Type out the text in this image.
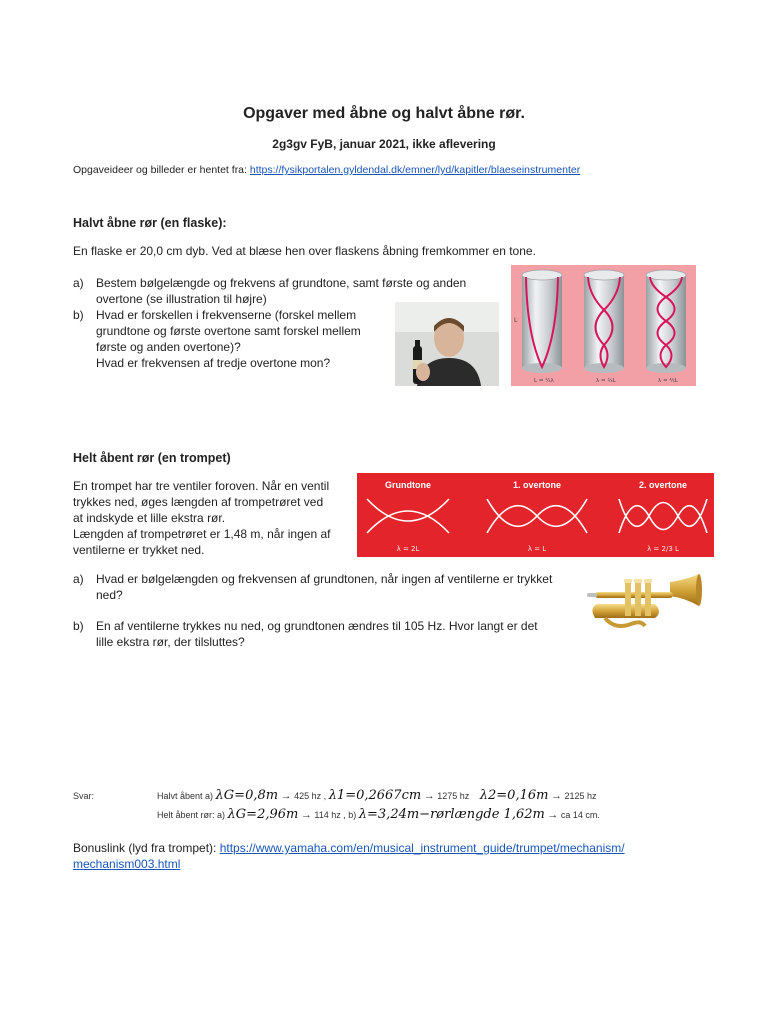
Opgaver med åbne og halvt åbne rør.
2g3gv FyB, januar 2021, ikke aflevering
Opgaveideer og billeder er hentet fra: https://fysikportalen.gyldendal.dk/emner/lyd/kapitler/blaeseinstrumenter
Halvt åbne rør (en flaske):
En flaske er 20,0 cm dyb. Ved at blæse hen over flaskens åbning fremkommer en tone.
a) Bestem bølgelængde og frekvens af grundtone, samt første og anden
overtone (se illustration til højre)
b) Hvad er forskellen i frekvenserne (forskel mellem
grundtone og første overtone samt forskel mellem
første og anden overtone)?
Hvad er frekvensen af tredje overtone mon?
L
L = ¼λ	λ = ¾L	λ = ⅘L
Helt åbent rør (en trompet)
En trompet har tre ventiler foroven. Når en ventil
trykkes ned, øges længden af trompetrøret ved
at indskyde et lille ekstra rør.
Længden af trompetrøret er 1,48 m, når ingen af
ventilerne er trykket ned.
Grundtone	1. overtone	2. overtone
λ = 2L	λ = L	λ = 2/3 L
a) Hvad er bølgelængden og frekvensen af grundtonen, når ingen af ventilerne er trykket
ned?
b) En af ventilerne trykkes nu ned, og grundtonen ændres til 105 Hz. Hvor langt er det
lille ekstra rør, der tilsluttes?
Svar:	Halvt åbent a) λG=0,8m → 425 hz , λ1=0,2667cm → 1275 hz λ2=0,16m → 2125 hz
Helt åbent rør: a) λG=2,96m → 114 hz , b) λ=3,24m−rørlængde 1,62m → ca 14 cm.
Bonuslink (lyd fra trompet): https://www.yamaha.com/en/musical_instrument_guide/trumpet/mechanism/
mechanism003.html
